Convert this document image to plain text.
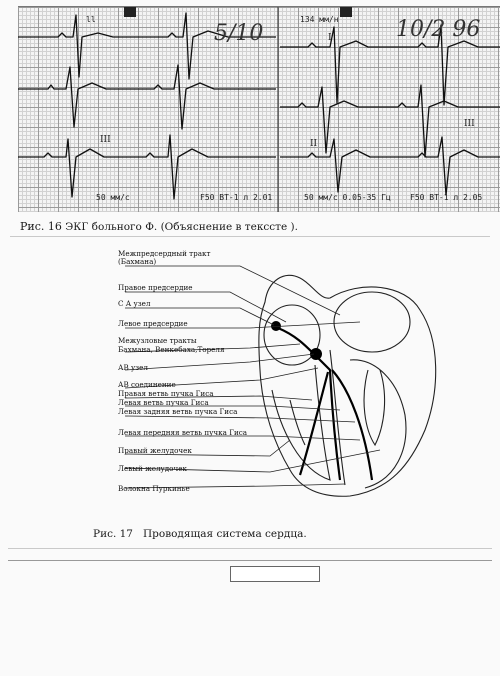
ll	134 мм/н
5/10	10/2 96
I
III	II
III
50 мм/с	F50 BT-1 л 2.01	50 мм/с 0.05-35 Гц F50 BT-1 л 2.05
Рис. 16 ЭКГ больного Ф. (Объяснение в текссте ).
Межпредсердный тракт (Бахмана)
Правое предсердие
С А узел
Левое предсердие
Межузловые тракты
Бахмана, Венкебаха,Тореля
АВ узел
АВ соединение
Правая ветвь пучка Гиса
Левая ветвь пучка Гиса
Левая задняя ветвь пучка Гиса
Левая передняя ветвь пучка Гиса
Правый желудочек
Левый желудочек
Волокна Пуркинье
Рис. 17 Проводящая система сердца.
